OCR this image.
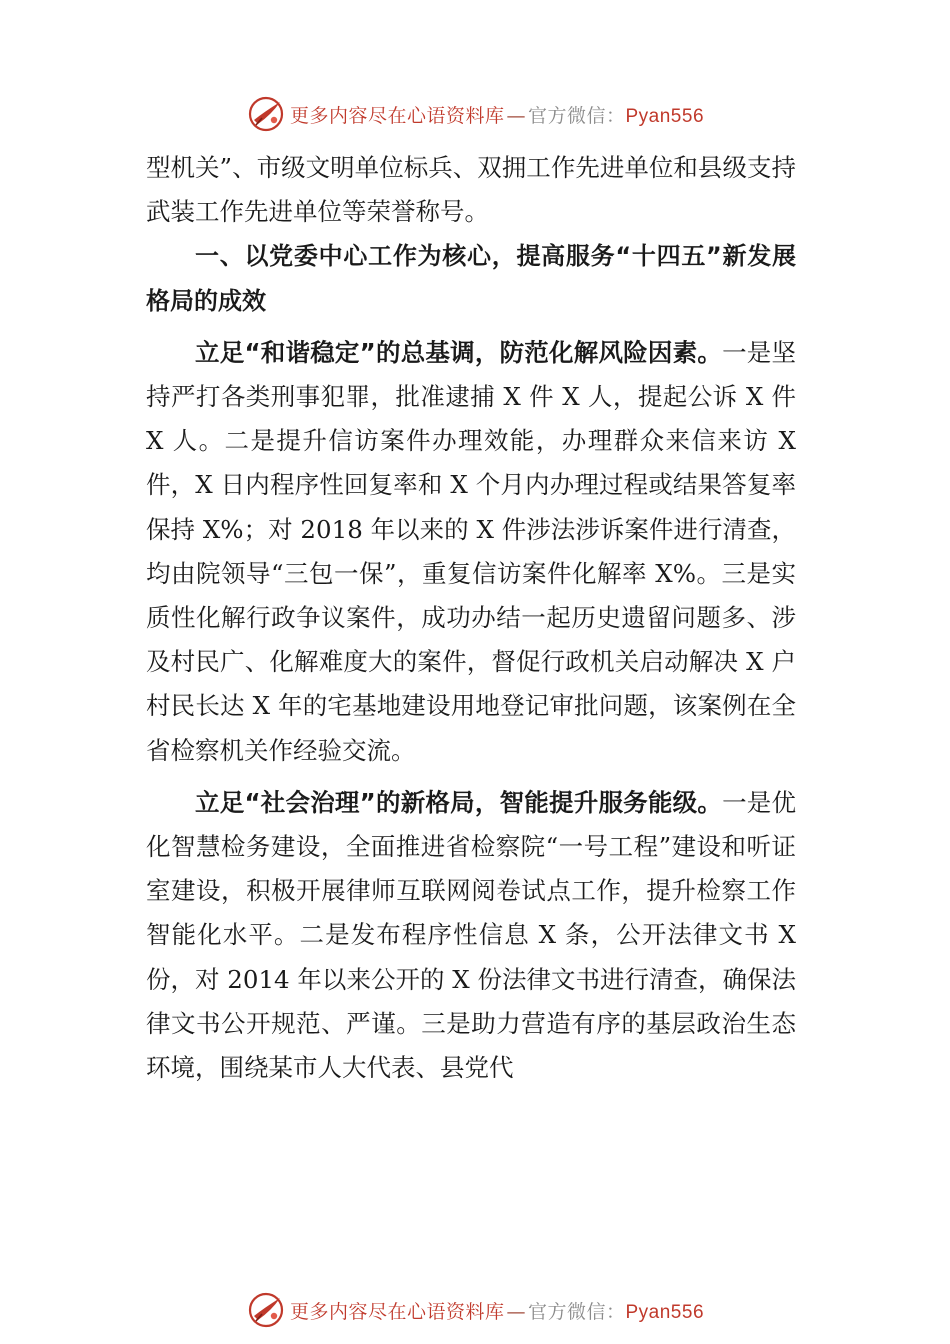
更多内容尽在心语资料库 — 官方微信：Pyan556

型机关”、市级文明单位标兵、双拥工作先进单位和县级支持武装工作先进单位等荣誉称号。

一、以党委中心工作为核心，提高服务“十四五”新发展格局的成效

立足“和谐稳定”的总基调，防范化解风险因素。一是坚持严打各类刑事犯罪，批准逮捕 X 件 X 人，提起公诉 X 件 X 人。二是提升信访案件办理效能，办理群众来信来访 X 件，X 日内程序性回复率和 X 个月内办理过程或结果答复率保持 X%；对 2018 年以来的 X 件涉法涉诉案件进行清查，均由院领导“三包一保”，重复信访案件化解率 X%。三是实质性化解行政争议案件，成功办结一起历史遗留问题多、涉及村民广、化解难度大的案件，督促行政机关启动解决 X 户村民长达 X 年的宅基地建设用地登记审批问题，该案例在全省检察机关作经验交流。

立足“社会治理”的新格局，智能提升服务能级。一是优化智慧检务建设，全面推进省检察院“一号工程”建设和听证室建设，积极开展律师互联网阅卷试点工作，提升检察工作智能化水平。二是发布程序性信息 X 条，公开法律文书 X 份，对 2014 年以来公开的 X 份法律文书进行清查，确保法律文书公开规范、严谨。三是助力营造有序的基层政治生态环境，围绕某市人大代表、县党代

更多内容尽在心语资料库 — 官方微信：Pyan556
